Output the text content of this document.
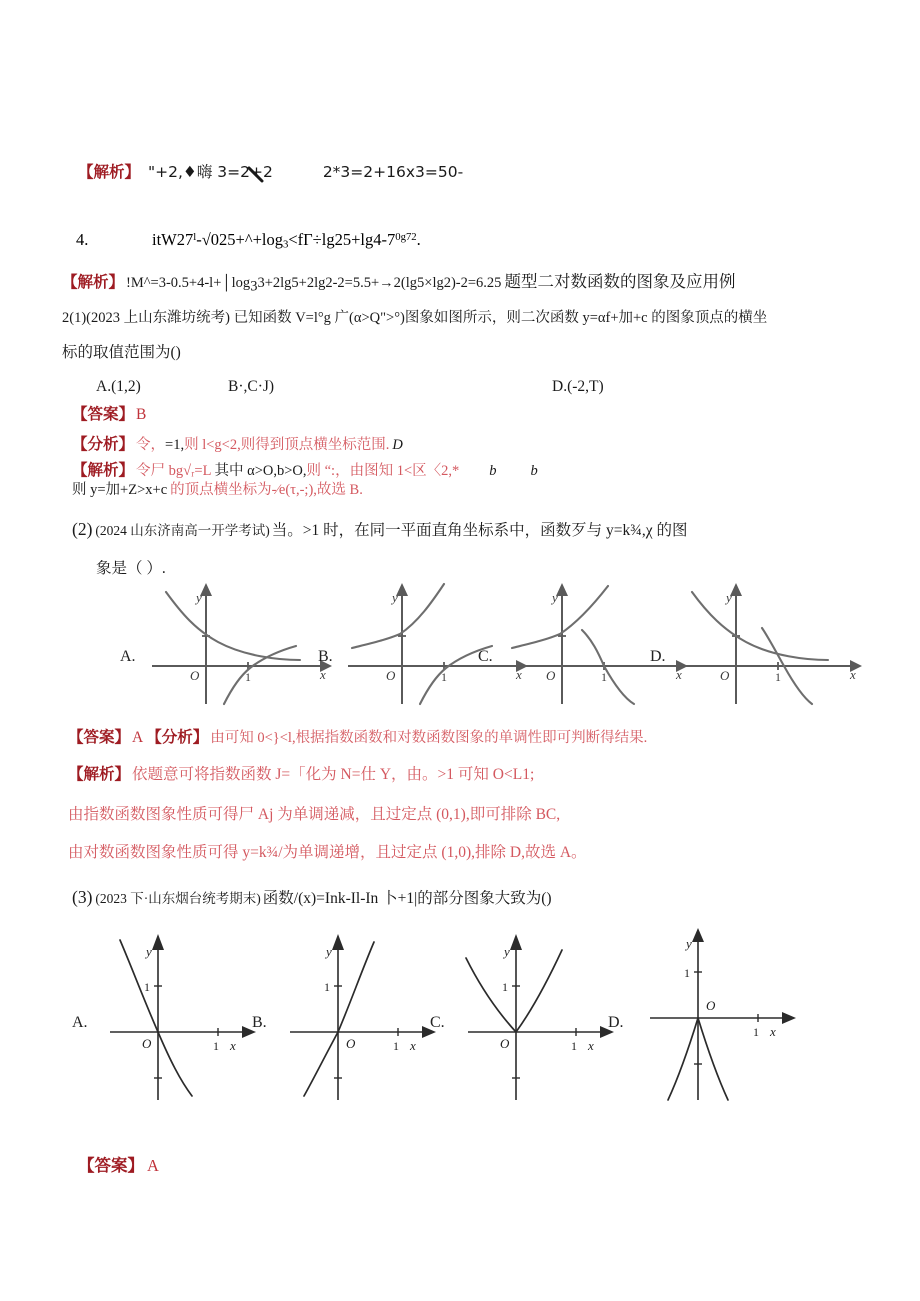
【解析】 "+2,♦嗨 3=2+2	2*3=2+16x3=50-
4.	$itW27^l-√025+\^{}+\log_3<f\Gamma\div\lg 25+\lg 4-7^{0g72}$.
【解析】 $!M\^{}=3-0.5+4-l+│\log_33+2\lg 5+2\lg 2-2=5.5+\to 2(\lg 5\times\lg 2)-2=6.25$ 题型二对数函数的图象及应用例
2(1)(2023 上山东潍坊统考) 已知函数 V=l°g 广(α>Q">°)图象如图所示，则二次函数 y=αf+加+c 的图象顶点的横坐
标的取值范围为()
A.(1,2)	B·,C·J)	D.(-2,T)
【答案】 B
【分析】 令，=1,则 l<g<2,则得到顶点横坐标范围. D
【解析】 令尸 bg√ᵣ=L 其中 α>O,b>O,则 “:，由图知 1<区〈2,* b b
则 y=加+Z>x+c 的顶点横坐标为-⁄e(τ,-;),故选 B.
(2) (2024 山东济南高一开学考试) 当。>1 时，在同一平面直角坐标系中，函数歹与 y=k¾,χ 的图
象是（ ）.
A.
O	1
y
x
B.
O	1
y
x
C.
O	1
y
x
D.
O	1
y
x
【答案】 A 【分析】 由可知 0<}<l,根据指数函数和对数函数图象的单调性即可判断得结果.
【解析】 依题意可将指数函数 J=「化为 N=仕 Y，由。>1 可知 O<L1;
由指数函数图象性质可得尸 Aj 为单调递减，且过定点 (0,1),即可排除 BC,
由对数函数图象性质可得 y=k¾/为单调递增，且过定点 (1,0),排除 D,故选 A。
(3) (2023 下·山东烟台统考期末) 函数/(x)=Ink-Il-In 卜+1|的部分图象大致为()
A.
O
1
1
y
x
B.
O
1
1
y
x
C.
O
1
1
y
x
D.
O
1
1
y
x
【答案】 A
